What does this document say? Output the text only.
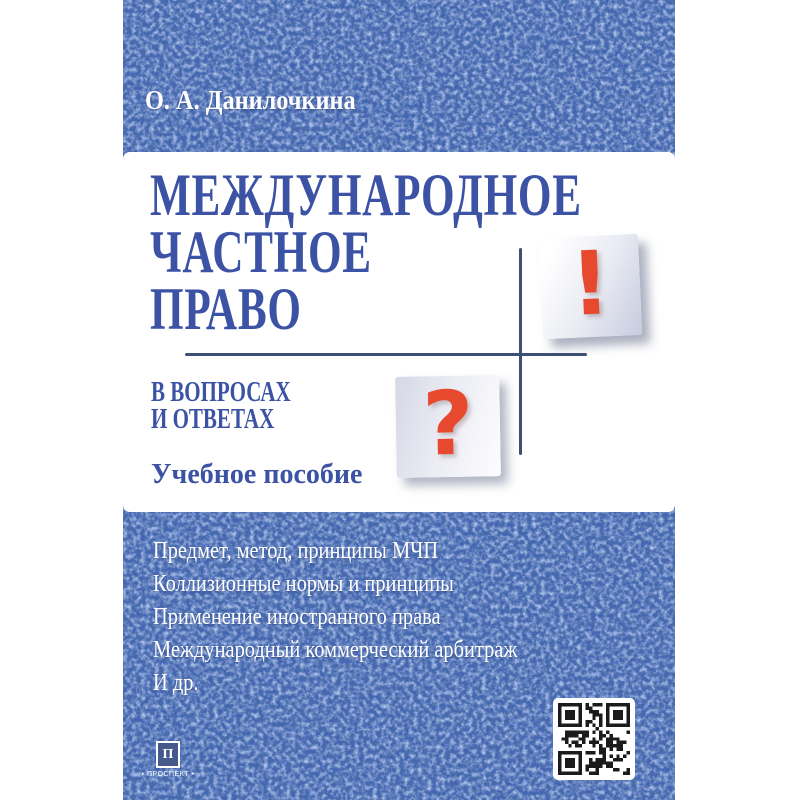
О. А. Данилочкина
МЕЖДУНАРОДНОЕ
ЧАСТНОЕ
ПРАВО	!
?
В ВОПРОСАХ
И ОТВЕТАХ
Учебное пособие
Предмет, метод, принципы МЧП
Коллизионные нормы и принципы
Применение иностранного права
Международный коммерческий арбитраж
И др.
П
• ПРОСПЕКТ •
